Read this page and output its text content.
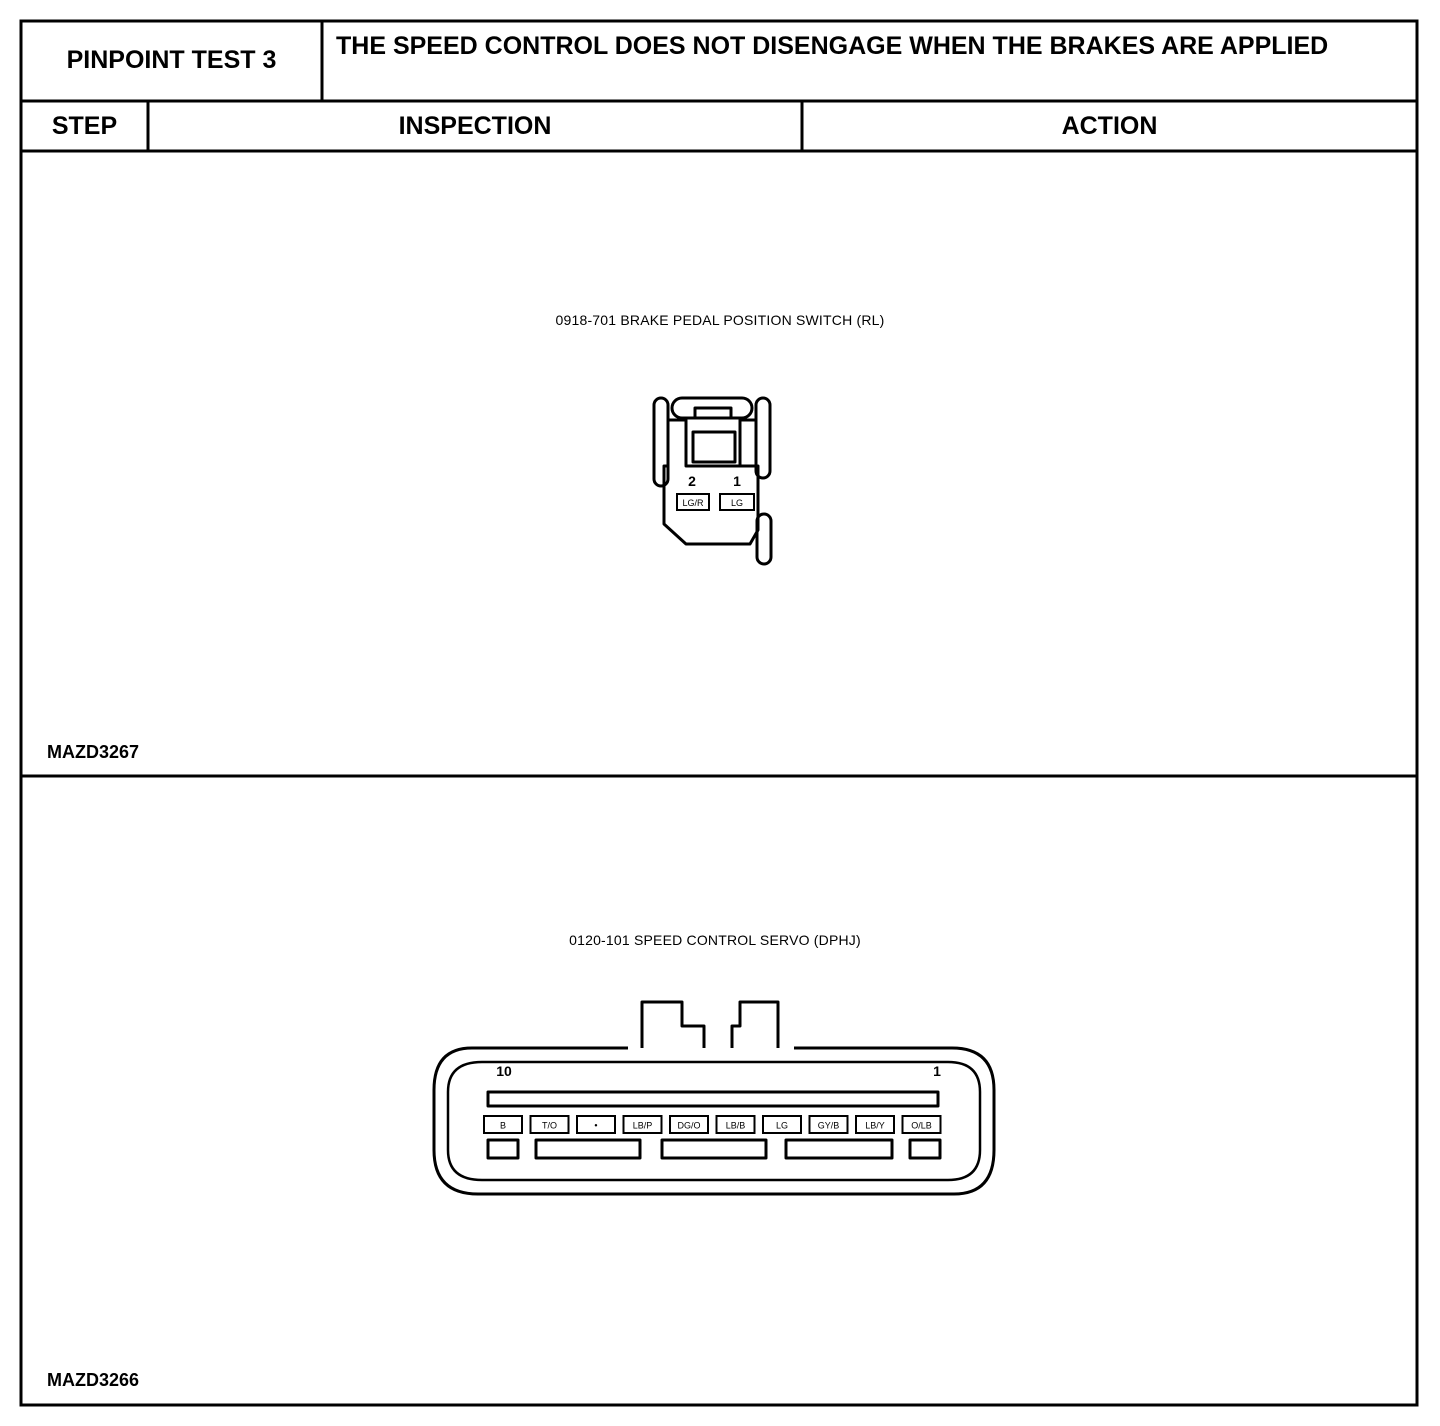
PINPOINT TEST 3	THE SPEED CONTROL DOES NOT DISENGAGE WHEN THE BRAKES ARE APPLIED
STEP	INSPECTION	ACTION
0918-701 BRAKE PEDAL POSITION SWITCH (RL)
2	1
LG/R	LG
MAZD3267
0120-101 SPEED CONTROL SERVO (DPHJ)
10	1
B	T/O	•	LB/P	DG/O	LB/B	LG	GY/B	LB/Y	O/LB
MAZD3266
